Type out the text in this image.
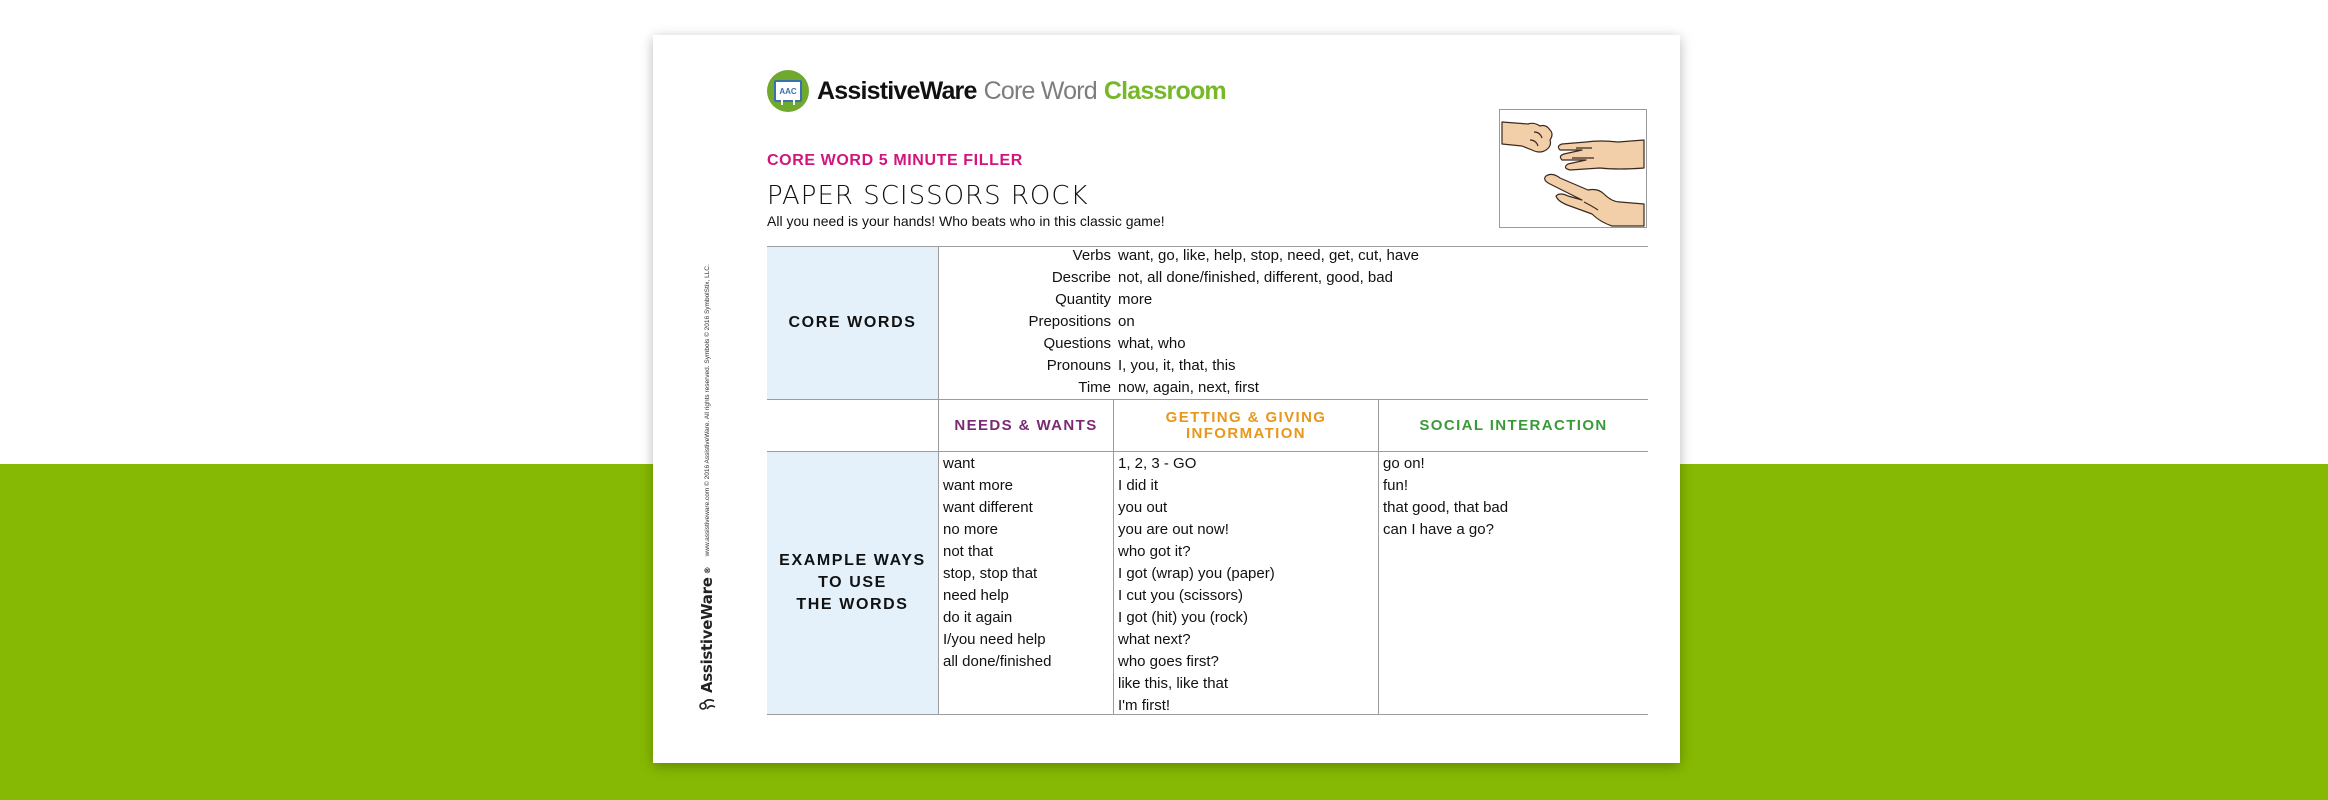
AssistiveWare
®
www.assistiveware.com © 2016 AssistiveWare. All rights reserved. Symbols © 2016 SymbolStix, LLC.
AAC AssistiveWare Core Word Classroom
CORE WORD 5 MINUTE FILLER
PAPER SCISSORS ROCK
All you need is your hands! Who beats who in this classic game!
CORE WORDS
Verbs
Describe
Quantity
Prepositions
Questions
Pronouns
Time
want, go, like, help, stop, need, get, cut, have
not, all done/finished, different, good, bad
more
on
what, who
I, you, it, that, this
now, again, next, first
NEEDS & WANTS	GETTING & GIVING
INFORMATION	SOCIAL INTERACTION
EXAMPLE WAYS
TO USE
THE WORDS
want
want more
want different
no more
not that
stop, stop that
need help
do it again
I/you need help
all done/finished
1, 2, 3 - GO
I did it
you out
you are out now!
who got it?
I got (wrap) you (paper)
I cut you (scissors)
I got (hit) you (rock)
what next?
who goes first?
like this, like that
I'm first!
go on!
fun!
that good, that bad
can I have a go?
